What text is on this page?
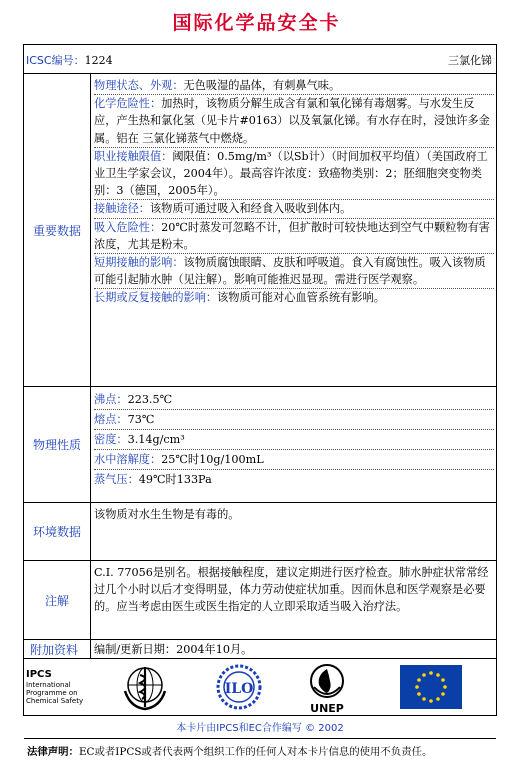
国际化学品安全卡
ICSC编号：1224	三氯化锑
重要数据

物理状态、外观：无色吸湿的晶体，有刺鼻气味。

化学危险性：加热时，该物质分解生成含有氯和氧化锑有毒烟雾。与水发生反应，产生热和氯化氢（见卡片#0163）以及氧氯化锑。有水存在时，浸蚀许多金属。铝在 三氯化锑蒸气中燃烧。

职业接触限值：阈限值：0.5mg/m³（以Sb计）（时间加权平均值）（美国政府工业卫生学家会议，2004年）。最高容许浓度：致癌物类别：2；胚细胞突变物类别：3（德国，2005年）。

接触途径：该物质可通过吸入和经食入吸收到体内。

吸入危险性：20℃时蒸发可忽略不计，但扩散时可较快地达到空气中颗粒物有害浓度，尤其是粉末。

短期接触的影响：该物质腐蚀眼睛、皮肤和呼吸道。食入有腐蚀性。吸入该物质可能引起肺水肿（见注解）。影响可能推迟显现。需进行医学观察。

长期或反复接触的影响：该物质可能对心血管系统有影响。

物理性质

沸点：223.5℃

熔点：73℃

密度：3.14g/cm³

水中溶解度：25℃时10g/100mL

蒸气压：49℃时133Pa

环境数据
该物质对水生生物是有毒的。
注解
C.I. 77056是别名。根据接触程度，建议定期进行医疗检查。肺水肿症状常常经过几个小时以后才变得明显，体力劳动使症状加重。因而休息和医学观察是必要的。应当考虑由医生或医生指定的人立即采取适当吸入治疗法。
附加资料 编制/更新日期：2004年10月。
IPCS
International
Programme on
Chemical Safety
ILO
UNEP
本卡片由IPCS和EC合作编写 © 2002
法律声明：EC或者IPCS或者代表两个组织工作的任何人对本卡片信息的使用不负责任。
